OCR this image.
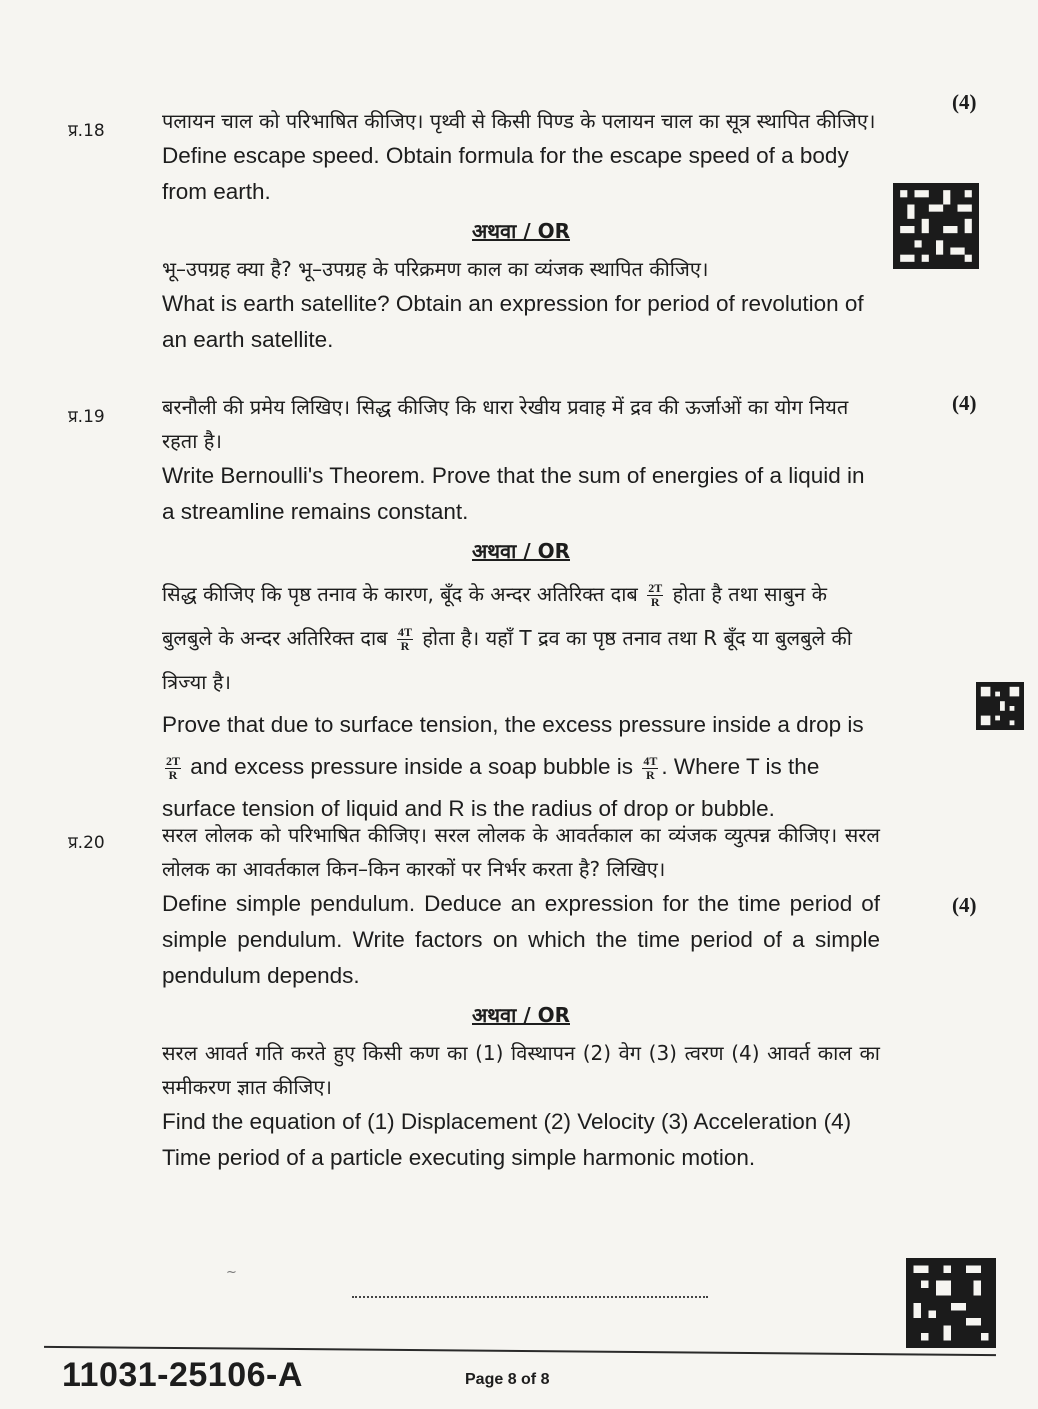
प्र.18
(4)

पलायन चाल को परिभाषित कीजिए। पृथ्वी से किसी पिण्ड के पलायन चाल का सूत्र स्थापित कीजिए।

Define escape speed. Obtain formula for the escape speed of a body from earth.

अथवा / OR

भू–उपग्रह क्या है? भू–उपग्रह के परिक्रमण काल का व्यंजक स्थापित कीजिए।

What is earth satellite? Obtain an expression for period of revolution of an earth satellite.

प्र.19
(4)

बरनौली की प्रमेय लिखिए। सिद्ध कीजिए कि धारा रेखीय प्रवाह में द्रव की ऊर्जाओं का योग नियत रहता है।

Write Bernoulli's Theorem. Prove that the sum of energies of a liquid in a streamline remains constant.

अथवा / OR

सिद्ध कीजिए कि पृष्ठ तनाव के कारण, बूँद के अन्दर अतिरिक्त दाब $\frac{2T}{R}$ होता है तथा साबुन के बुलबुले के अन्दर अतिरिक्त दाब $\frac{4T}{R}$ होता है। यहाँ T द्रव का पृष्ठ तनाव तथा R बूँद या बुलबुले की त्रिज्या है।

Prove that due to surface tension, the excess pressure inside a drop is
$\frac{2T}{R}$ and excess pressure inside a soap bubble is $\frac{4T}{R}$ . Where T is the surface tension of liquid and R is the radius of drop or bubble.

प्र.20
(4)

सरल लोलक को परिभाषित कीजिए। सरल लोलक के आवर्तकाल का व्यंजक व्युत्पन्न कीजिए। सरल लोलक का आवर्तकाल किन–किन कारकों पर निर्भर करता है? लिखिए।

Define simple pendulum. Deduce an expression for the time period of simple pendulum. Write factors on which the time period of a simple pendulum depends.

अथवा / OR

सरल आवर्त गति करते हुए किसी कण का (1) विस्थापन (2) वेग (3) त्वरण (4) आवर्त काल का समीकरण ज्ञात कीजिए।

Find the equation of (1) Displacement (2) Velocity (3) Acceleration (4) Time period of a particle executing simple harmonic motion.

~
11031-25106-A	Page 8 of 8
